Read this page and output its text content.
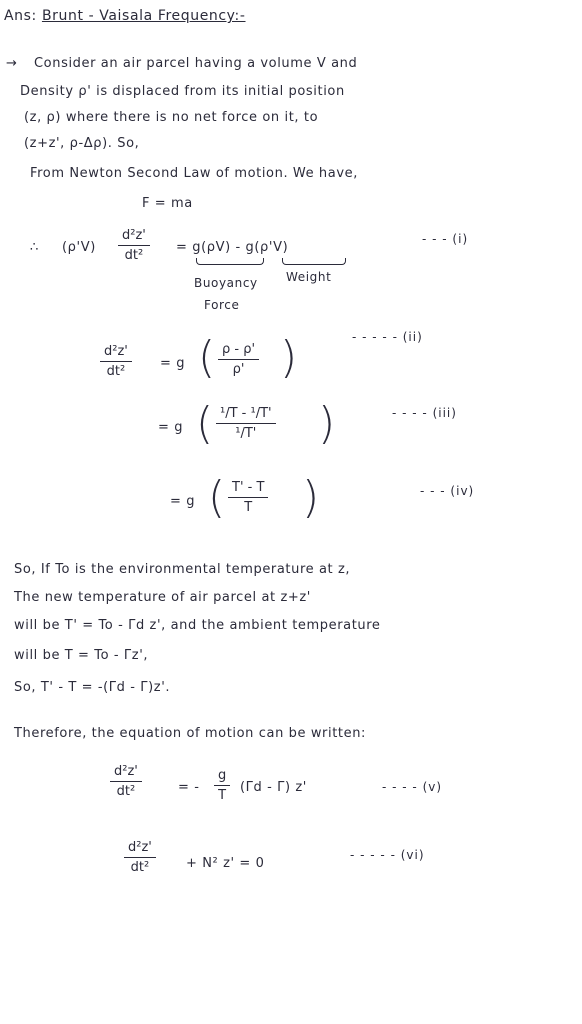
Ans: Brunt - Vaisala Frequency:-
→ Consider an air parcel having a volume V and
Density ρ' is displaced from its initial position
(z, ρ) where there is no net force on it, to
(z+z', ρ-Δρ). So,
From Newton Second Law of motion. We have,
F = ma
∴ (ρ'V)
d²z'
dt²
= g(ρV) - g(ρ'V)
Buoyancy
Force
Weight
- - - (i)
d²z'
dt²
= g ( ρ - ρ'
ρ' )	- - - - - (ii)
= g ( ¹/T - ¹/T'
¹/T'	)	- - - - (iii)
= g ( T' - T
T	)	- - - (iv)
So, If To is the environmental temperature at z,
The new temperature of air parcel at z+z'
will be T' = To - Γd z', and the ambient temperature
will be T = To - Γz',
So, T' - T = -(Γd - Γ)z'.
Therefore, the equation of motion can be written:
d²z'
dt²	= -
g
T
(Γd - Γ) z'	- - - - (v)
d²z'
dt²	+ N² z' = 0
- - - - - (vi)
